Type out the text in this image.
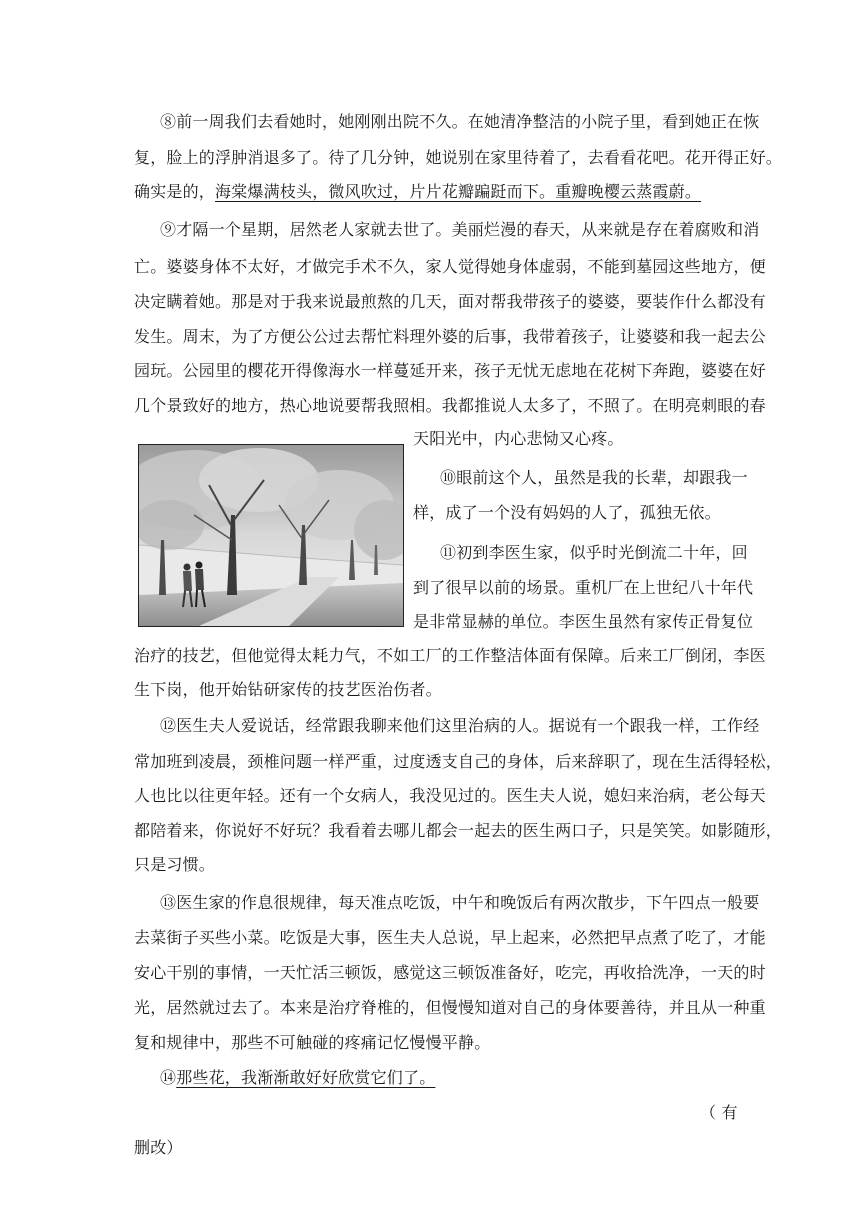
⑧前一周我们去看她时，她刚刚出院不久。在她清净整洁的小院子里，看到她正在恢
复，脸上的浮肿消退多了。待了几分钟，她说别在家里待着了，去看看花吧。花开得正好。
确实是的，海棠爆满枝头，微风吹过，片片花瓣蹁跹而下。重瓣晚樱云蒸霞蔚。
⑨才隔一个星期，居然老人家就去世了。美丽烂漫的春天，从来就是存在着腐败和消
亡。婆婆身体不太好，才做完手术不久，家人觉得她身体虚弱，不能到墓园这些地方，便
决定瞒着她。那是对于我来说最煎熬的几天，面对帮我带孩子的婆婆，要装作什么都没有
发生。周末，为了方便公公过去帮忙料理外婆的后事，我带着孩子，让婆婆和我一起去公
园玩。公园里的樱花开得像海水一样蔓延开来，孩子无忧无虑地在花树下奔跑，婆婆在好
几个景致好的地方，热心地说要帮我照相。我都推说人太多了，不照了。在明亮刺眼的春
天阳光中，内心悲恸又心疼。
⑩眼前这个人，虽然是我的长辈，却跟我一
样，成了一个没有妈妈的人了，孤独无依。
⑪初到李医生家，似乎时光倒流二十年，回
到了很早以前的场景。重机厂在上世纪八十年代
是非常显赫的单位。李医生虽然有家传正骨复位
治疗的技艺，但他觉得太耗力气，不如工厂的工作整洁体面有保障。后来工厂倒闭，李医
生下岗，他开始钻研家传的技艺医治伤者。
⑫医生夫人爱说话，经常跟我聊来他们这里治病的人。据说有一个跟我一样，工作经
常加班到凌晨，颈椎问题一样严重，过度透支自己的身体，后来辞职了，现在生活得轻松，
人也比以往更年轻。还有一个女病人，我没见过的。医生夫人说，媳妇来治病，老公每天
都陪着来，你说好不好玩？我看着去哪儿都会一起去的医生两口子，只是笑笑。如影随形，
只是习惯。
⑬医生家的作息很规律，每天准点吃饭，中午和晚饭后有两次散步，下午四点一般要
去菜街子买些小菜。吃饭是大事，医生夫人总说，早上起来，必然把早点煮了吃了，才能
安心干别的事情，一天忙活三顿饭，感觉这三顿饭准备好，吃完，再收拾洗净，一天的时
光，居然就过去了。本来是治疗脊椎的，但慢慢知道对自己的身体要善待，并且从一种重
复和规律中，那些不可触碰的疼痛记忆慢慢平静。
⑭那些花，我渐渐敢好好欣赏它们了。
（ 有
删改）
